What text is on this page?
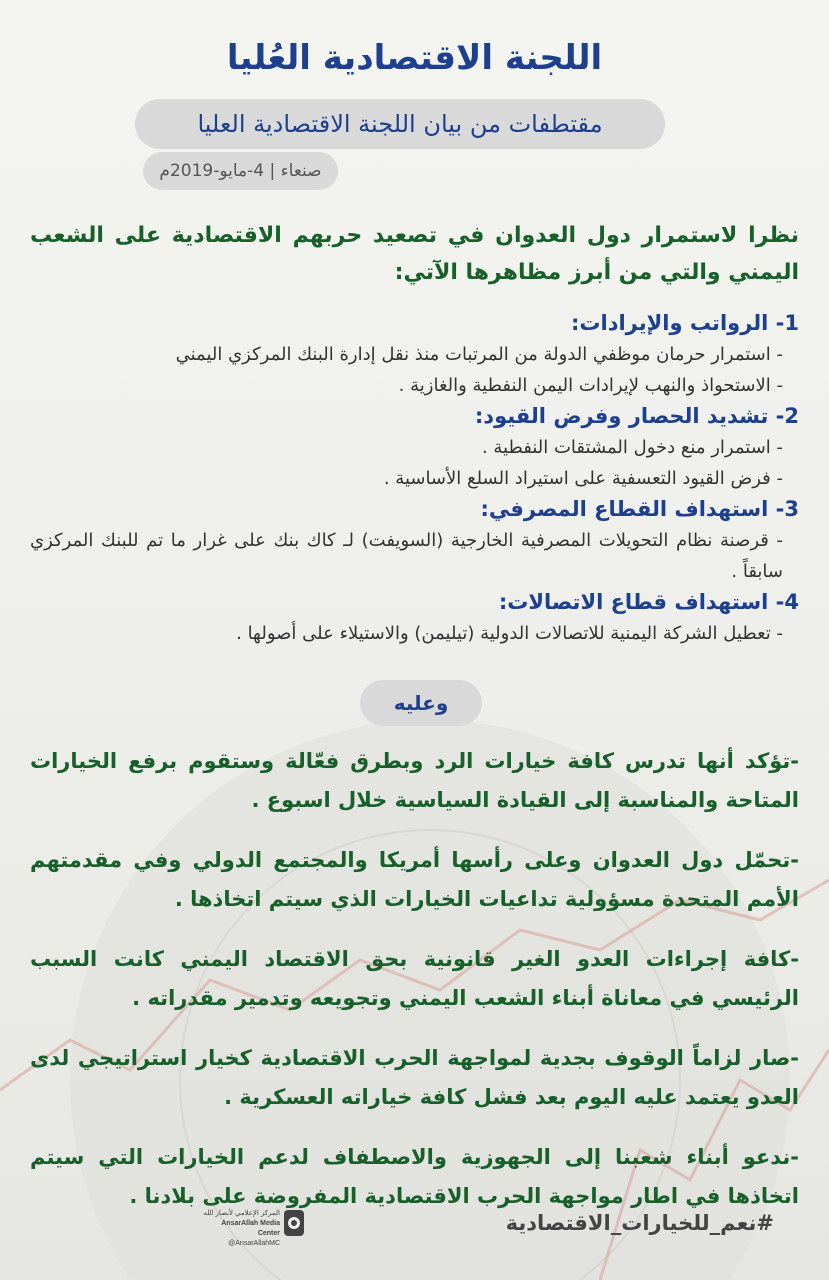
اللجنة الاقتصادية العُليا
مقتطفات من بيان اللجنة الاقتصادية العليا
صنعاء | 4-مايو-2019م
نظرا لاستمرار دول العدوان في تصعيد حربهم الاقتصادية على الشعب اليمني والتي من أبرز مظاهرها الآتي:
1- الرواتب والإيرادات:
- استمرار حرمان موظفي الدولة من المرتبات منذ نقل إدارة البنك المركزي اليمني
- الاستحواذ والنهب لإيرادات اليمن النفطية والغازية .
2- تشديد الحصار وفرض القيود:
- استمرار منع دخول المشتقات النفطية .
- فرض القيود التعسفية على استيراد السلع الأساسية .
3- استهداف القطاع المصرفي:
- قرصنة نظام التحويلات المصرفية الخارجية (السويفت) لـ كاك بنك على غرار ما تم للبنك المركزي سابقاً .
4- استهداف قطاع الاتصالات:
- تعطيل الشركة اليمنية للاتصالات الدولية (تيليمن) والاستيلاء على أصولها .
وعليه
-تؤكد أنها تدرس كافة خيارات الرد وبطرق فعّالة وستقوم برفع الخيارات المتاحة والمناسبة إلى القيادة السياسية خلال اسبوع .
-تحمّل دول العدوان وعلى رأسها أمريكا والمجتمع الدولي وفي مقدمتهم الأمم المتحدة مسؤولية تداعيات الخيارات الذي سيتم اتخاذها .
-كافة إجراءات العدو الغير قانونية بحق الاقتصاد اليمني كانت السبب الرئيسي في معاناة أبناء الشعب اليمني وتجويعه وتدمير مقدراته .
-صار لزاماً الوقوف بجدية لمواجهة الحرب الاقتصادية كخيار استراتيجي لدى العدو يعتمد عليه اليوم بعد فشل كافة خياراته العسكرية .
-ندعو أبناء شعبنا إلى الجهوزية والاصطفاف لدعم الخيارات التي سيتم اتخاذها في اطار مواجهة الحرب الاقتصادية المفروضة على بلادنا .
#نعم_للخيارات_الاقتصادية
المركز الإعلامي لأنصار الله
AnsarAllah Media Center
@AnsarAllahMC
